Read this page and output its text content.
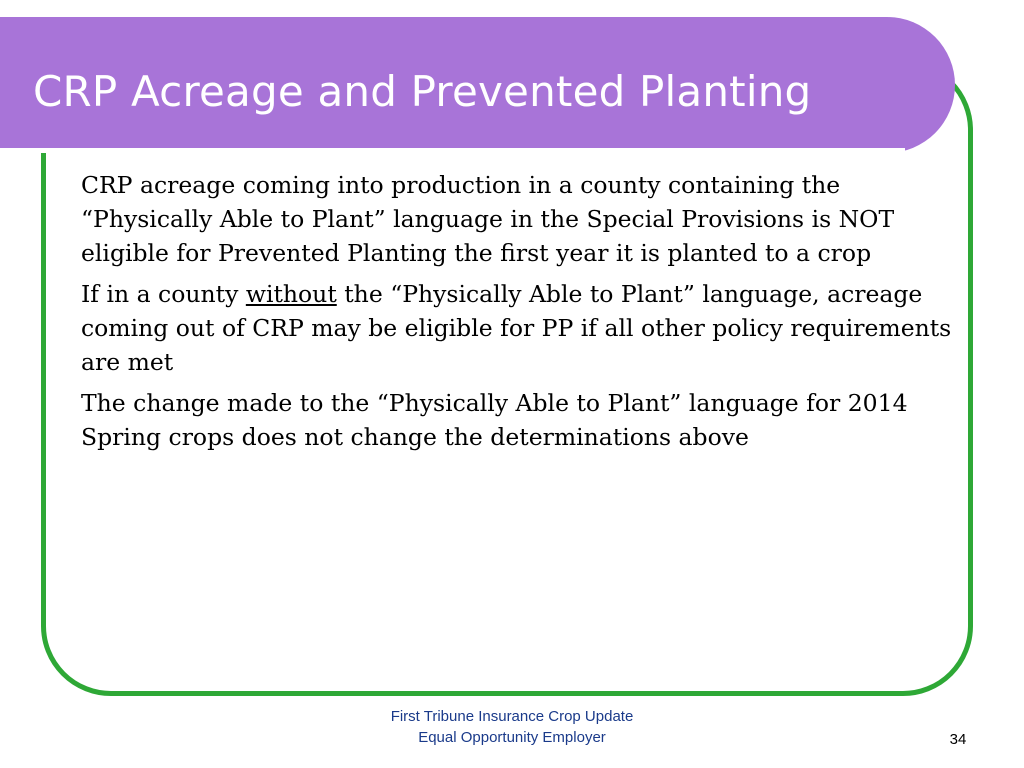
CRP Acreage and Prevented Planting

CRP acreage coming into production in a county containing the “Physically Able to Plant” language in the Special Provisions is NOT eligible for Prevented Planting the first year it is planted to a crop

If in a county without the “Physically Able to Plant” language, acreage coming out of CRP may be eligible for PP if all other policy requirements are met

The change made to the “Physically Able to Plant” language for 2014 Spring crops does not change the determinations above

First Tribune Insurance Crop Update
Equal Opportunity Employer	34
